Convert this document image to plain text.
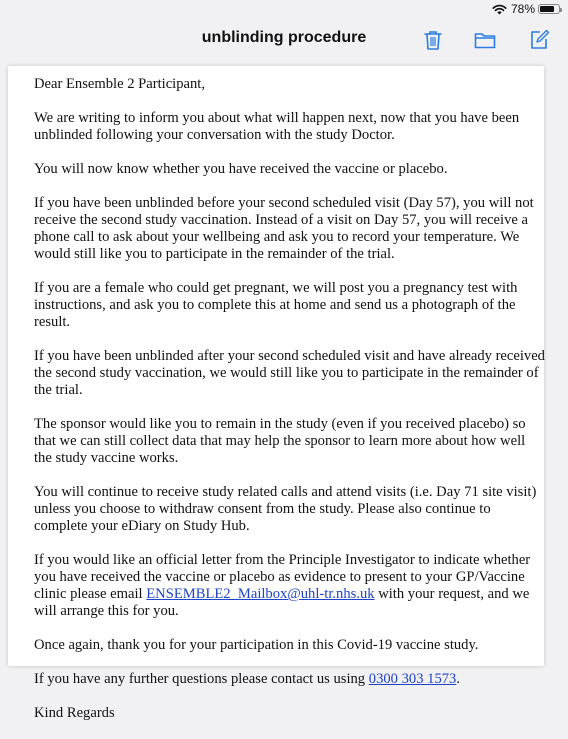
78%
unblinding procedure

Dear Ensemble 2 Participant,

We are writing to inform you about what will happen next, now that you have been unblinded following your conversation with the study Doctor.

You will now know whether you have received the vaccine or placebo.

If you have been unblinded before your second scheduled visit (Day 57), you will not receive the second study vaccination. Instead of a visit on Day 57, you will receive a phone call to ask about your wellbeing and ask you to record your temperature. We would still like you to participate in the remainder of the trial.

If you are a female who could get pregnant, we will post you a pregnancy test with instructions, and ask you to complete this at home and send us a photograph of the result.

If you have been unblinded after your second scheduled visit and have already received the second study vaccination, we would still like you to participate in the remainder of the trial.

The sponsor would like you to remain in the study (even if you received placebo) so that we can still collect data that may help the sponsor to learn more about how well the study vaccine works.

You will continue to receive study related calls and attend visits (i.e. Day 71 site visit) unless you choose to withdraw consent from the study. Please also continue to complete your eDiary on Study Hub.

If you would like an official letter from the Principle Investigator to indicate whether you have received the vaccine or placebo as evidence to present to your GP/Vaccine clinic please email ENSEMBLE2_Mailbox@uhl-tr.nhs.uk with your request, and we will arrange this for you.

Once again, thank you for your participation in this Covid-19 vaccine study.

If you have any further questions please contact us using 0300 303 1573.

Kind Regards
